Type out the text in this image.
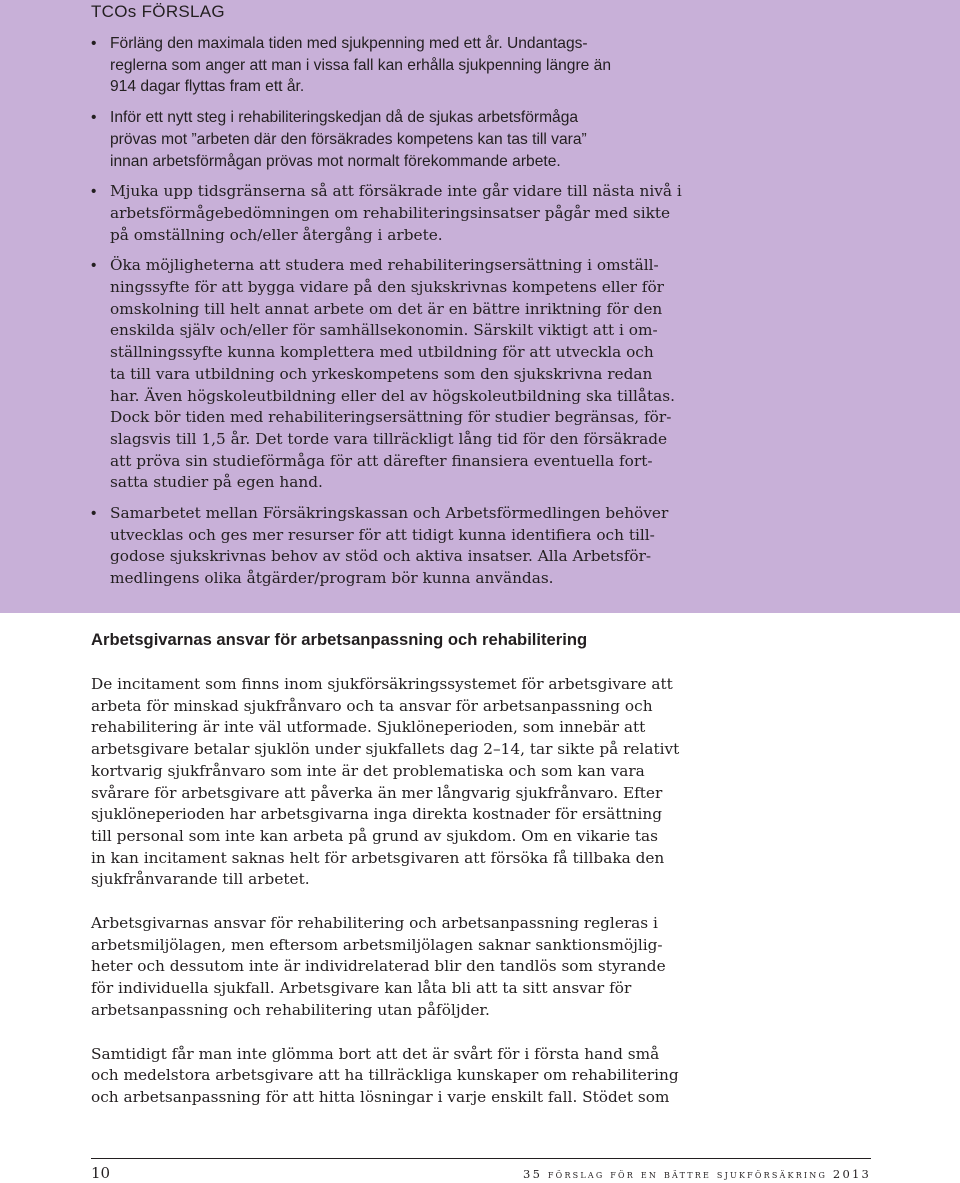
TCOs FÖRSLAG
• Förläng den maximala tiden med sjukpenning med ett år. Undantags-
reglerna som anger att man i vissa fall kan erhålla sjukpenning längre än
914 dagar flyttas fram ett år.
• Inför ett nytt steg i rehabiliteringskedjan då de sjukas arbetsförmåga
prövas mot ”arbeten där den försäkrades kompetens kan tas till vara”
innan arbetsförmågan prövas mot normalt förekommande arbete.
• Mjuka upp tidsgränserna så att försäkrade inte går vidare till nästa nivå i
arbetsförmågebedömningen om rehabiliteringsinsatser pågår med sikte
på omställning och/eller återgång i arbete.
• Öka möjligheterna att studera med rehabiliteringsersättning i omställ-
ningssyfte för att bygga vidare på den sjukskrivnas kompetens eller för
omskolning till helt annat arbete om det är en bättre inriktning för den
enskilda själv och/eller för samhällsekonomin. Särskilt viktigt att i om-
ställningssyfte kunna komplettera med utbildning för att utveckla och
ta till vara utbildning och yrkeskompetens som den sjukskrivna redan
har. Även högskoleutbildning eller del av högskoleutbildning ska tillåtas.
Dock bör tiden med rehabiliteringsersättning för studier begränsas, för-
slagsvis till 1,5 år. Det torde vara tillräckligt lång tid för den försäkrade
att pröva sin studieförmåga för att därefter finansiera eventuella fort-
satta studier på egen hand.
• Samarbetet mellan Försäkringskassan och Arbetsförmedlingen behöver
utvecklas och ges mer resurser för att tidigt kunna identifiera och till-
godose sjukskrivnas behov av stöd och aktiva insatser. Alla Arbetsför-
medlingens olika åtgärder/program bör kunna användas.
Arbetsgivarnas ansvar för arbetsanpassning och rehabilitering

De incitament som finns inom sjukförsäkringssystemet för arbetsgivare att
arbeta för minskad sjukfrånvaro och ta ansvar för arbetsanpassning och
rehabilitering är inte väl utformade. Sjuklöneperioden, som innebär att
arbetsgivare betalar sjuklön under sjukfallets dag 2–14, tar sikte på relativt
kortvarig sjukfrånvaro som inte är det problematiska och som kan vara
svårare för arbetsgivare att påverka än mer långvarig sjukfrånvaro. Efter
sjuklöneperioden har arbetsgivarna inga direkta kostnader för ersättning
till personal som inte kan arbeta på grund av sjukdom. Om en vikarie tas
in kan incitament saknas helt för arbetsgivaren att försöka få tillbaka den
sjukfrånvarande till arbetet.

Arbetsgivarnas ansvar för rehabilitering och arbetsanpassning regleras i
arbetsmiljölagen, men eftersom arbetsmiljölagen saknar sanktionsmöjlig-
heter och dessutom inte är individrelaterad blir den tandlös som styrande
för individuella sjukfall. Arbetsgivare kan låta bli att ta sitt ansvar för
arbetsanpassning och rehabilitering utan påföljder.

Samtidigt får man inte glömma bort att det är svårt för i första hand små
och medelstora arbetsgivare att ha tillräckliga kunskaper om rehabilitering
och arbetsanpassning för att hitta lösningar i varje enskilt fall. Stödet som

10	35 förslag för en bättre sjukförsäkring 2013
